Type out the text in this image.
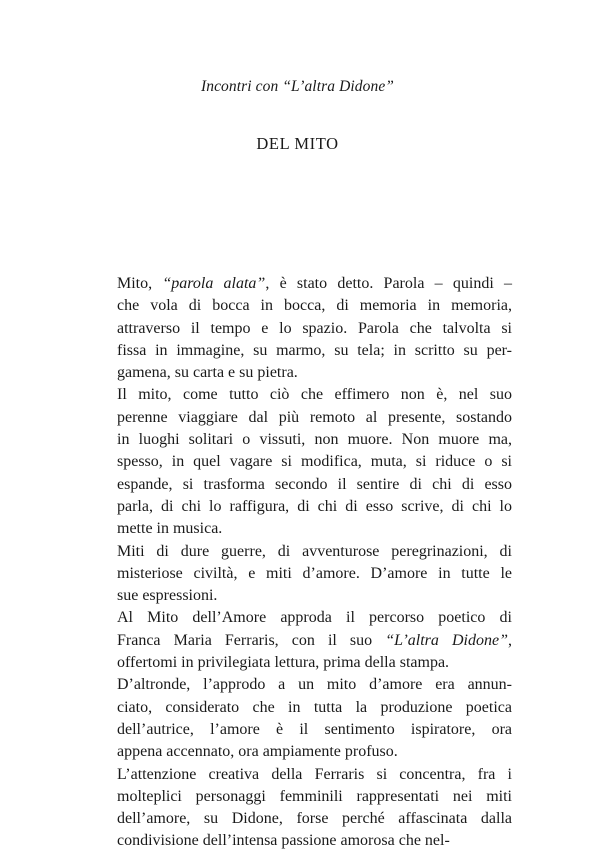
Incontri con “L’altra Didone”
DEL MITO
Mito, “parola alata”, è stato detto. Parola – quindi –
che vola di bocca in bocca, di memoria in memoria,
attraverso il tempo e lo spazio. Parola che talvolta si
fissa in immagine, su marmo, su tela; in scritto su per-
gamena, su carta e su pietra.
Il mito, come tutto ciò che effimero non è, nel suo
perenne viaggiare dal più remoto al presente, sostando
in luoghi solitari o vissuti, non muore. Non muore ma,
spesso, in quel vagare si modifica, muta, si riduce o si
espande, si trasforma secondo il sentire di chi di esso
parla, di chi lo raffigura, di chi di esso scrive, di chi lo
mette in musica.
Miti di dure guerre, di avventurose peregrinazioni, di
misteriose civiltà, e miti d’amore. D’amore in tutte le
sue espressioni.
Al Mito dell’Amore approda il percorso poetico di
Franca Maria Ferraris, con il suo “L’altra Didone”,
offertomi in privilegiata lettura, prima della stampa.
D’altronde, l’approdo a un mito d’amore era annun-
ciato, considerato che in tutta la produzione poetica
dell’autrice, l’amore è il sentimento ispiratore, ora
appena accennato, ora ampiamente profuso.
L’attenzione creativa della Ferraris si concentra, fra i
molteplici personaggi femminili rappresentati nei miti
dell’amore, su Didone, forse perché affascinata dalla
condivisione dell’intensa passione amorosa che nel-
